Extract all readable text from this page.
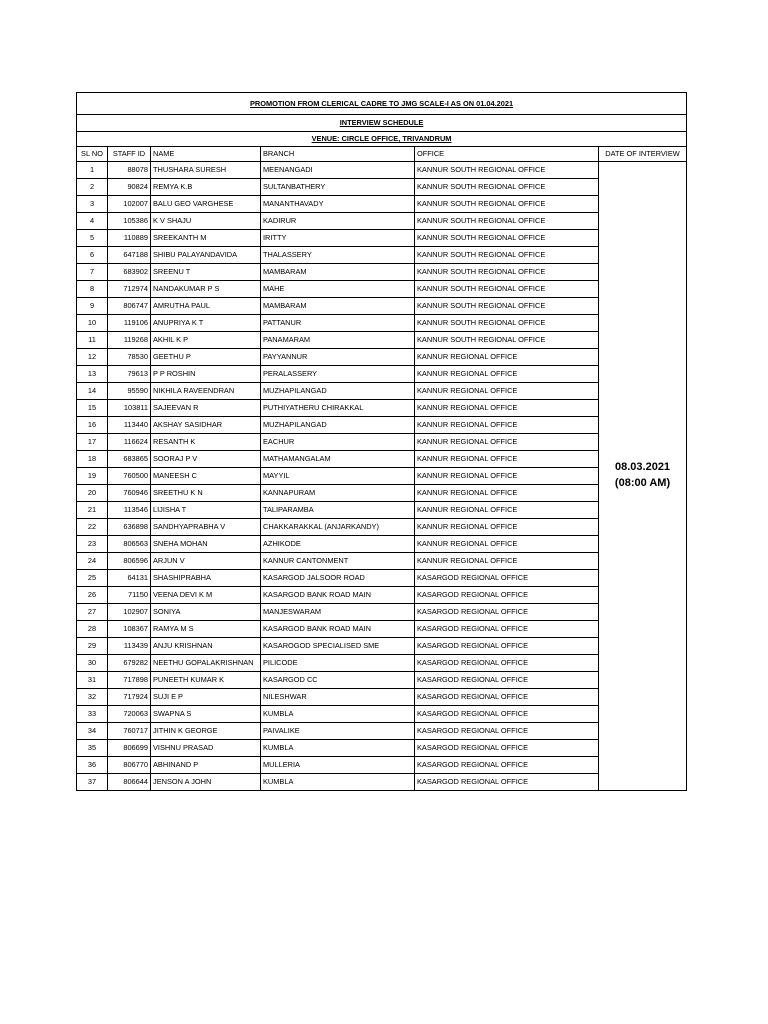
PROMOTION FROM CLERICAL CADRE TO JMG SCALE-I AS ON 01.04.2021					
INTERVIEW SCHEDULE					
VENUE: CIRCLE OFFICE, TRIVANDRUM					
SL NO	STAFF ID	NAME	BRANCH	OFFICE	DATE OF INTERVIEW
1	88078	THUSHARA SURESH	MEENANGADI	KANNUR SOUTH REGIONAL OFFICE	08.03.2021
(08:00 AM)

2	90824	REMYA K.B	SULTANBATHERY	KANNUR SOUTH REGIONAL OFFICE	
3	102007	BALU GEO VARGHESE	MANANTHAVADY	KANNUR SOUTH REGIONAL OFFICE	
4	105386	K V SHAJU	KADIRUR	KANNUR SOUTH REGIONAL OFFICE	
5	110889	SREEKANTH M	IRITTY	KANNUR SOUTH REGIONAL OFFICE	
6	647188	SHIBU PALAYANDAVIDA	THALASSERY	KANNUR SOUTH REGIONAL OFFICE	
7	683902	SREENU T	MAMBARAM	KANNUR SOUTH REGIONAL OFFICE	
8	712974	NANDAKUMAR P S	MAHE	KANNUR SOUTH REGIONAL OFFICE	
9	806747	AMRUTHA PAUL	MAMBARAM	KANNUR SOUTH REGIONAL OFFICE	
10	119106	ANUPRIYA K T	PATTANUR	KANNUR SOUTH REGIONAL OFFICE	
11	119268	AKHIL K P	PANAMARAM	KANNUR SOUTH REGIONAL OFFICE	
12	78530	GEETHU P	PAYYANNUR	KANNUR REGIONAL OFFICE	
13	79613	P P ROSHIN	PERALASSERY	KANNUR REGIONAL OFFICE	
14	95590	NIKHILA RAVEENDRAN	MUZHAPILANGAD	KANNUR REGIONAL OFFICE	
15	103811	SAJEEVAN R	PUTHIYATHERU CHIRAKKAL	KANNUR REGIONAL OFFICE	
16	113440	AKSHAY SASIDHAR	MUZHAPILANGAD	KANNUR REGIONAL OFFICE	
17	116624	RESANTH K	EACHUR	KANNUR REGIONAL OFFICE	
18	683865	SOORAJ P V	MATHAMANGALAM	KANNUR REGIONAL OFFICE	
19	760500	MANEESH C	MAYYIL	KANNUR REGIONAL OFFICE	
20	760946	SREETHU K N	KANNAPURAM	KANNUR REGIONAL OFFICE	
21	113546	LIJISHA T	TALIPARAMBA	KANNUR REGIONAL OFFICE	
22	636898	SANDHYAPRABHA V	CHAKKARAKKAL (ANJARKANDY)	KANNUR REGIONAL OFFICE	
23	806563	SNEHA MOHAN	AZHIKODE	KANNUR REGIONAL OFFICE	
24	806596	ARJUN V	KANNUR CANTONMENT	KANNUR REGIONAL OFFICE	
25	64131	SHASHIPRABHA	KASARGOD JALSOOR ROAD	KASARGOD REGIONAL OFFICE	
26	71150	VEENA DEVI K M	KASARGOD BANK ROAD MAIN	KASARGOD REGIONAL OFFICE	
27	102907	SONIYA	MANJESWARAM	KASARGOD REGIONAL OFFICE	
28	108367	RAMYA M S	KASARGOD BANK ROAD MAIN	KASARGOD REGIONAL OFFICE	
29	113439	ANJU KRISHNAN	KASAROGOD SPECIALISED SME	KASARGOD REGIONAL OFFICE	
30	679282	NEETHU GOPALAKRISHNAN	PILICODE	KASARGOD REGIONAL OFFICE	
31	717898	PUNEETH KUMAR K	KASARGOD CC	KASARGOD REGIONAL OFFICE	
32	717924	SUJI E P	NILESHWAR	KASARGOD REGIONAL OFFICE	
33	720063	SWAPNA S	KUMBLA	KASARGOD REGIONAL OFFICE	
34	760717	JITHIN K GEORGE	PAIVALIKE	KASARGOD REGIONAL OFFICE	
35	806699	VISHNU PRASAD	KUMBLA	KASARGOD REGIONAL OFFICE	
36	806770	ABHINAND P	MULLERIA	KASARGOD REGIONAL OFFICE	
37	806644	JENSON A JOHN	KUMBLA	KASARGOD REGIONAL OFFICE	
